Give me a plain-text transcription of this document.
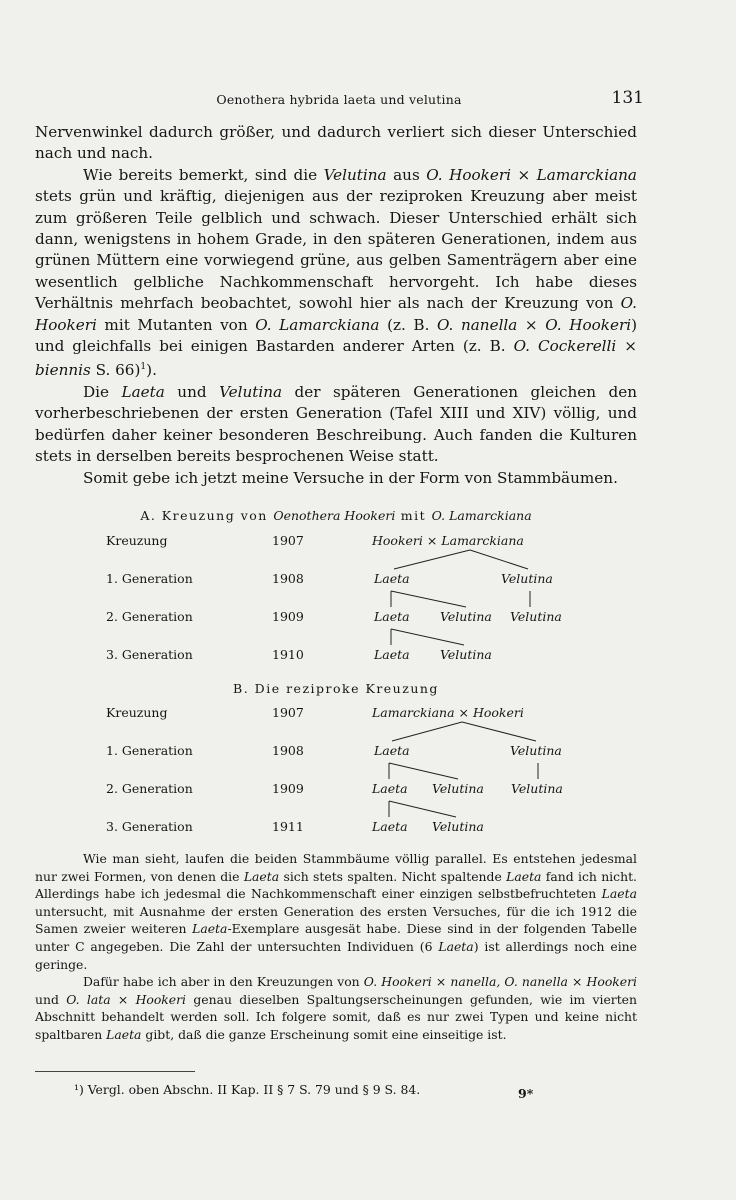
Oenothera hybrida laeta und velutina	131

Nervenwinkel dadurch größer, und dadurch verliert sich dieser Unterschied nach und nach.

Wie bereits bemerkt, sind die Velutina aus O. Hookeri × Lamarckiana stets grün und kräftig, diejenigen aus der reziproken Kreuzung aber meist zum größeren Teile gelblich und schwach. Dieser Unterschied erhält sich dann, wenigstens in hohem Grade, in den späteren Generationen, indem aus grünen Müttern eine vorwiegend grüne, aus gelben Samenträgern aber eine wesentlich gelbliche Nachkommenschaft hervorgeht. Ich habe dieses Verhältnis mehrfach beobachtet, sowohl hier als nach der Kreuzung von O. Hookeri mit Mutanten von O. Lamarckiana (z. B. O. nanella × O. Hookeri) und gleichfalls bei einigen Bastarden anderer Arten (z. B. O. Cockerelli × biennis S. 66)$^1$).

Die Laeta und Velutina der späteren Generationen gleichen den vorherbeschriebenen der ersten Generation (Tafel XIII und XIV) völlig, und bedürfen daher keiner besonderen Beschreibung. Auch fanden die Kulturen stets in derselben bereits besprochenen Weise statt.

Somit gebe ich jetzt meine Versuche in der Form von Stammbäumen.

A. Kreuzung von Oenothera Hookeri mit O. Lamarckiana
Kreuzung	1907	Hookeri × Lamarckiana
1. Generation	1908	Laeta	Velutina
2. Generation	1909	Laeta Velutina Velutina
3. Generation	1910	Laeta Velutina
B. Die reziproke Kreuzung
Kreuzung	1907	Lamarckiana × Hookeri
1. Generation	1908	Laeta	Velutina
2. Generation	1909	Laeta Velutina Velutina
3. Generation	1911	Laeta Velutina

Wie man sieht, laufen die beiden Stammbäume völlig parallel. Es entstehen jedesmal nur zwei Formen, von denen die Laeta sich stets spalten. Nicht spaltende Laeta fand ich nicht. Allerdings habe ich jedesmal die Nachkommenschaft einer einzigen selbstbefruchteten Laeta untersucht, mit Ausnahme der ersten Generation des ersten Versuches, für die ich 1912 die Samen zweier weiteren Laeta-Exemplare ausgesät habe. Diese sind in der folgenden Tabelle unter C angegeben. Die Zahl der untersuchten Individuen (6 Laeta) ist allerdings noch eine geringe.

Dafür habe ich aber in den Kreuzungen von O. Hookeri × nanella, O. nanella × Hookeri und O. lata × Hookeri genau dieselben Spaltungserscheinungen gefunden, wie im vierten Abschnitt behandelt werden soll. Ich folgere somit, daß es nur zwei Typen und keine nicht spaltbaren Laeta gibt, daß die ganze Erscheinung somit eine einseitige ist.

¹) Vergl. oben Abschn. II Kap. II § 7 S. 79 und § 9 S. 84.	9*
